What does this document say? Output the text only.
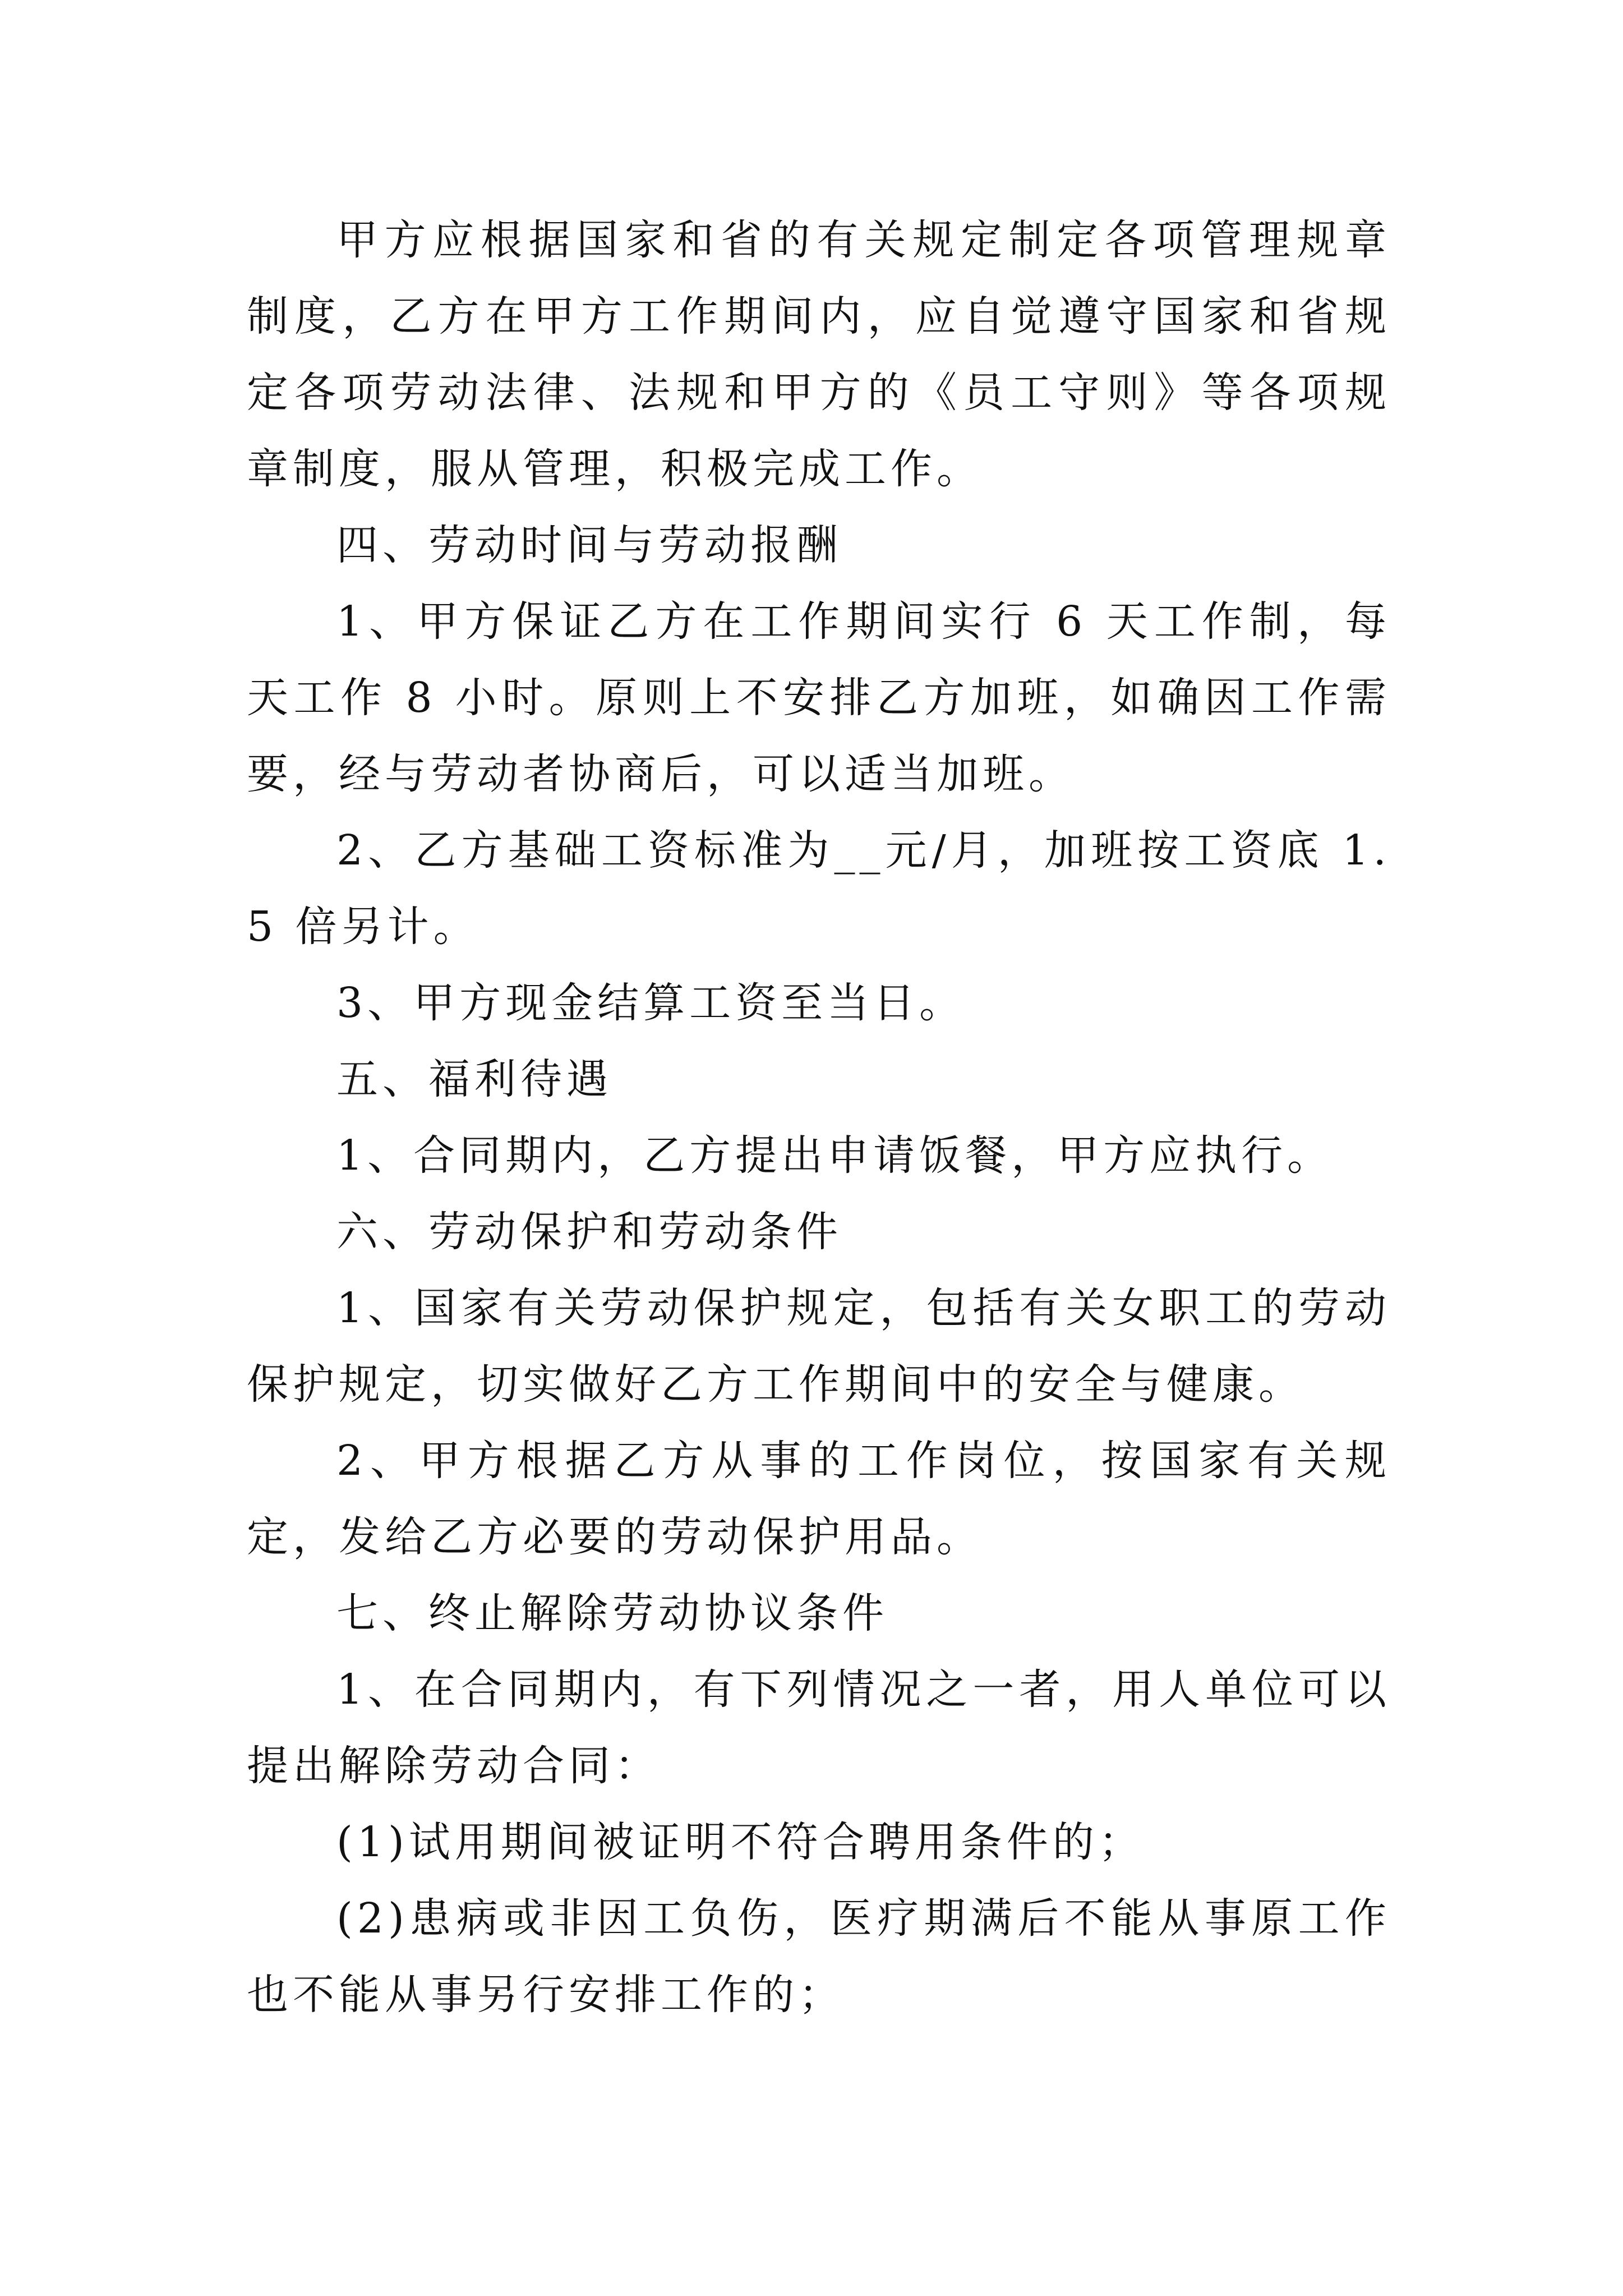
甲方应根据国家和省的有关规定制定各项管理规章制度，乙方在甲方工作期间内，应自觉遵守国家和省规定各项劳动法律、法规和甲方的《员工守则》等各项规章制度，服从管理，积极完成工作。

四、劳动时间与劳动报酬

1、甲方保证乙方在工作期间实行 6 天工作制，每天工作 8 小时。原则上不安排乙方加班，如确因工作需要，经与劳动者协商后，可以适当加班。

2、乙方基础工资标准为__元/月，加班按工资底 1.5 倍另计。

3、甲方现金结算工资至当日。

五、福利待遇

1、合同期内，乙方提出申请饭餐，甲方应执行。

六、劳动保护和劳动条件

1、国家有关劳动保护规定，包括有关女职工的劳动保护规定，切实做好乙方工作期间中的安全与健康。

2、甲方根据乙方从事的工作岗位，按国家有关规定，发给乙方必要的劳动保护用品。

七、终止解除劳动协议条件

1、在合同期内，有下列情况之一者，用人单位可以提出解除劳动合同：

(1)试用期间被证明不符合聘用条件的；

(2)患病或非因工负伤，医疗期满后不能从事原工作也不能从事另行安排工作的；
